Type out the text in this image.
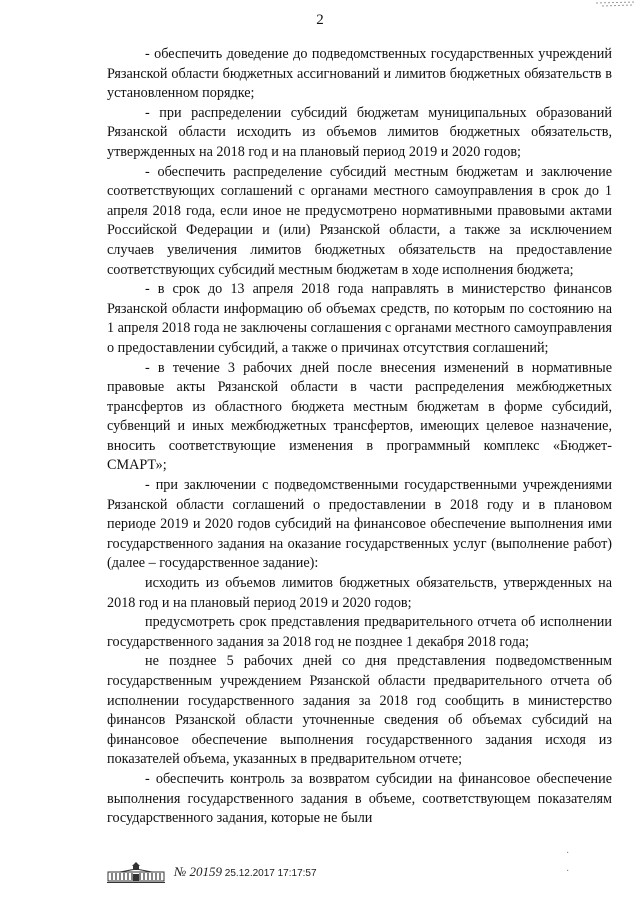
2

- обеспечить доведение до подведомственных государственных учреждений Рязанской области бюджетных ассигнований и лимитов бюджетных обязательств в установленном порядке;

- при распределении субсидий бюджетам муниципальных образований Рязанской области исходить из объемов лимитов бюджетных обязательств, утвержденных на 2018 год и на плановый период 2019 и 2020 годов;

- обеспечить распределение субсидий местным бюджетам и заключение соответствующих соглашений с органами местного самоуправления в срок до 1 апреля 2018 года, если иное не предусмотрено нормативными правовыми актами Российской Федерации и (или) Рязанской области, а также за исключением случаев увеличения лимитов бюджетных обязательств на предоставление соответствующих субсидий местным бюджетам в ходе исполнения бюджета;

- в срок до 13 апреля 2018 года направлять в министерство финансов Рязанской области информацию об объемах средств, по которым по состоянию на 1 апреля 2018 года не заключены соглашения с органами местного самоуправления о предоставлении субсидий, а также о причинах отсутствия соглашений;

- в течение 3 рабочих дней после внесения изменений в нормативные правовые акты Рязанской области в части распределения межбюджетных трансфертов из областного бюджета местным бюджетам в форме субсидий, субвенций и иных межбюджетных трансфертов, имеющих целевое назначение, вносить соответствующие изменения в программный комплекс «Бюджет-СМАРТ»;

- при заключении с подведомственными государственными учреждениями Рязанской области соглашений о предоставлении в 2018 году и в плановом периоде 2019 и 2020 годов субсидий на финансовое обеспечение выполнения ими государственного задания на оказание государственных услуг (выполнение работ) (далее – государственное задание):

исходить из объемов лимитов бюджетных обязательств, утвержденных на 2018 год и на плановый период 2019 и 2020 годов;

предусмотреть срок представления предварительного отчета об исполнении государственного задания за 2018 год не позднее 1 декабря 2018 года;

не позднее 5 рабочих дней со дня представления подведомственным государственным учреждением Рязанской области предварительного отчета об исполнении государственного задания за 2018 год сообщить в министерство финансов Рязанской области уточненные сведения об объемах субсидий на финансовое обеспечение выполнения государственного задания исходя из показателей объема, указанных в предварительном отчете;

- обеспечить контроль за возвратом субсидии на финансовое обеспечение выполнения государственного задания в объеме, соответствующем показателям государственного задания, которые не были

·
·
№ 20159 25.12.2017 17:17:57
